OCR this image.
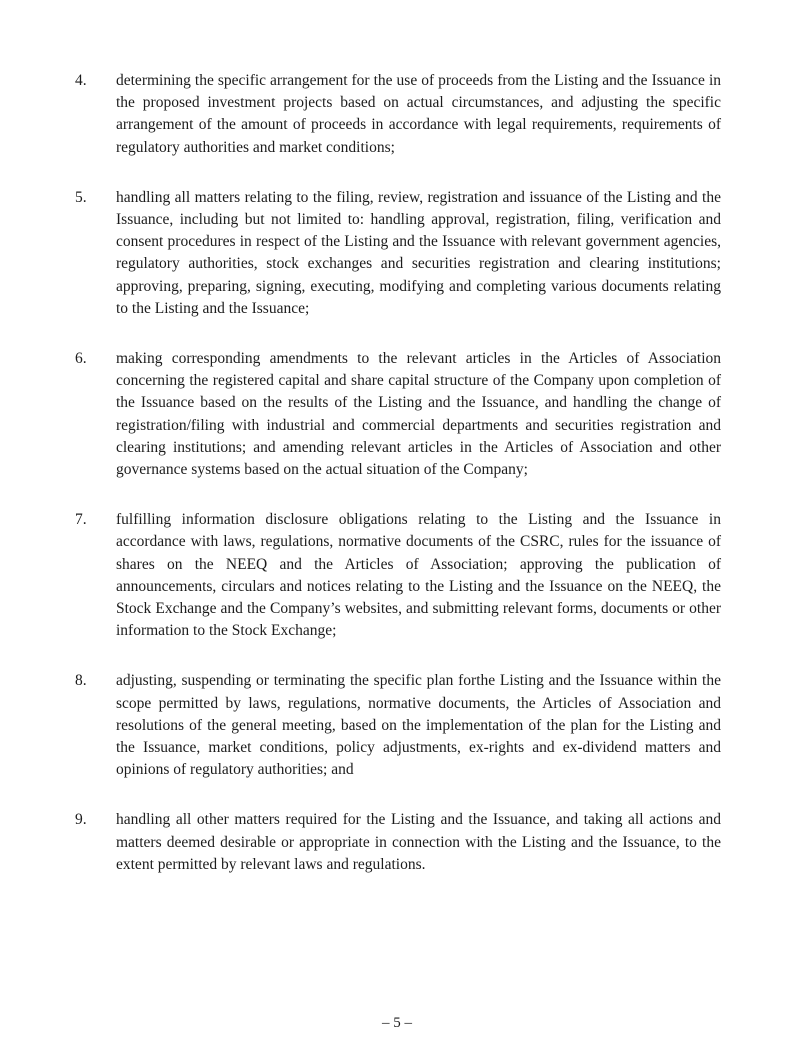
4.	determining the specific arrangement for the use of proceeds from the Listing and the Issuance in the proposed investment projects based on actual circumstances, and adjusting the specific arrangement of the amount of proceeds in accordance with legal requirements, requirements of regulatory authorities and market conditions;
5.	handling all matters relating to the filing, review, registration and issuance of the Listing and the Issuance, including but not limited to: handling approval, registration, filing, verification and consent procedures in respect of the Listing and the Issuance with relevant government agencies, regulatory authorities, stock exchanges and securities registration and clearing institutions; approving, preparing, signing, executing, modifying and completing various documents relating to the Listing and the Issuance;
6.	making corresponding amendments to the relevant articles in the Articles of Association concerning the registered capital and share capital structure of the Company upon completion of the Issuance based on the results of the Listing and the Issuance, and handling the change of registration/filing with industrial and commercial departments and securities registration and clearing institutions; and amending relevant articles in the Articles of Association and other governance systems based on the actual situation of the Company;
7.	fulfilling information disclosure obligations relating to the Listing and the Issuance in accordance with laws, regulations, normative documents of the CSRC, rules for the issuance of shares on the NEEQ and the Articles of Association; approving the publication of announcements, circulars and notices relating to the Listing and the Issuance on the NEEQ, the Stock Exchange and the Company’s websites, and submitting relevant forms, documents or other information to the Stock Exchange;
8.	adjusting, suspending or terminating the specific plan forthe Listing and the Issuance within the scope permitted by laws, regulations, normative documents, the Articles of Association and resolutions of the general meeting, based on the implementation of the plan for the Listing and the Issuance, market conditions, policy adjustments, ex-rights and ex-dividend matters and opinions of regulatory authorities; and
9.	handling all other matters required for the Listing and the Issuance, and taking all actions and matters deemed desirable or appropriate in connection with the Listing and the Issuance, to the extent permitted by relevant laws and regulations.
– 5 –
